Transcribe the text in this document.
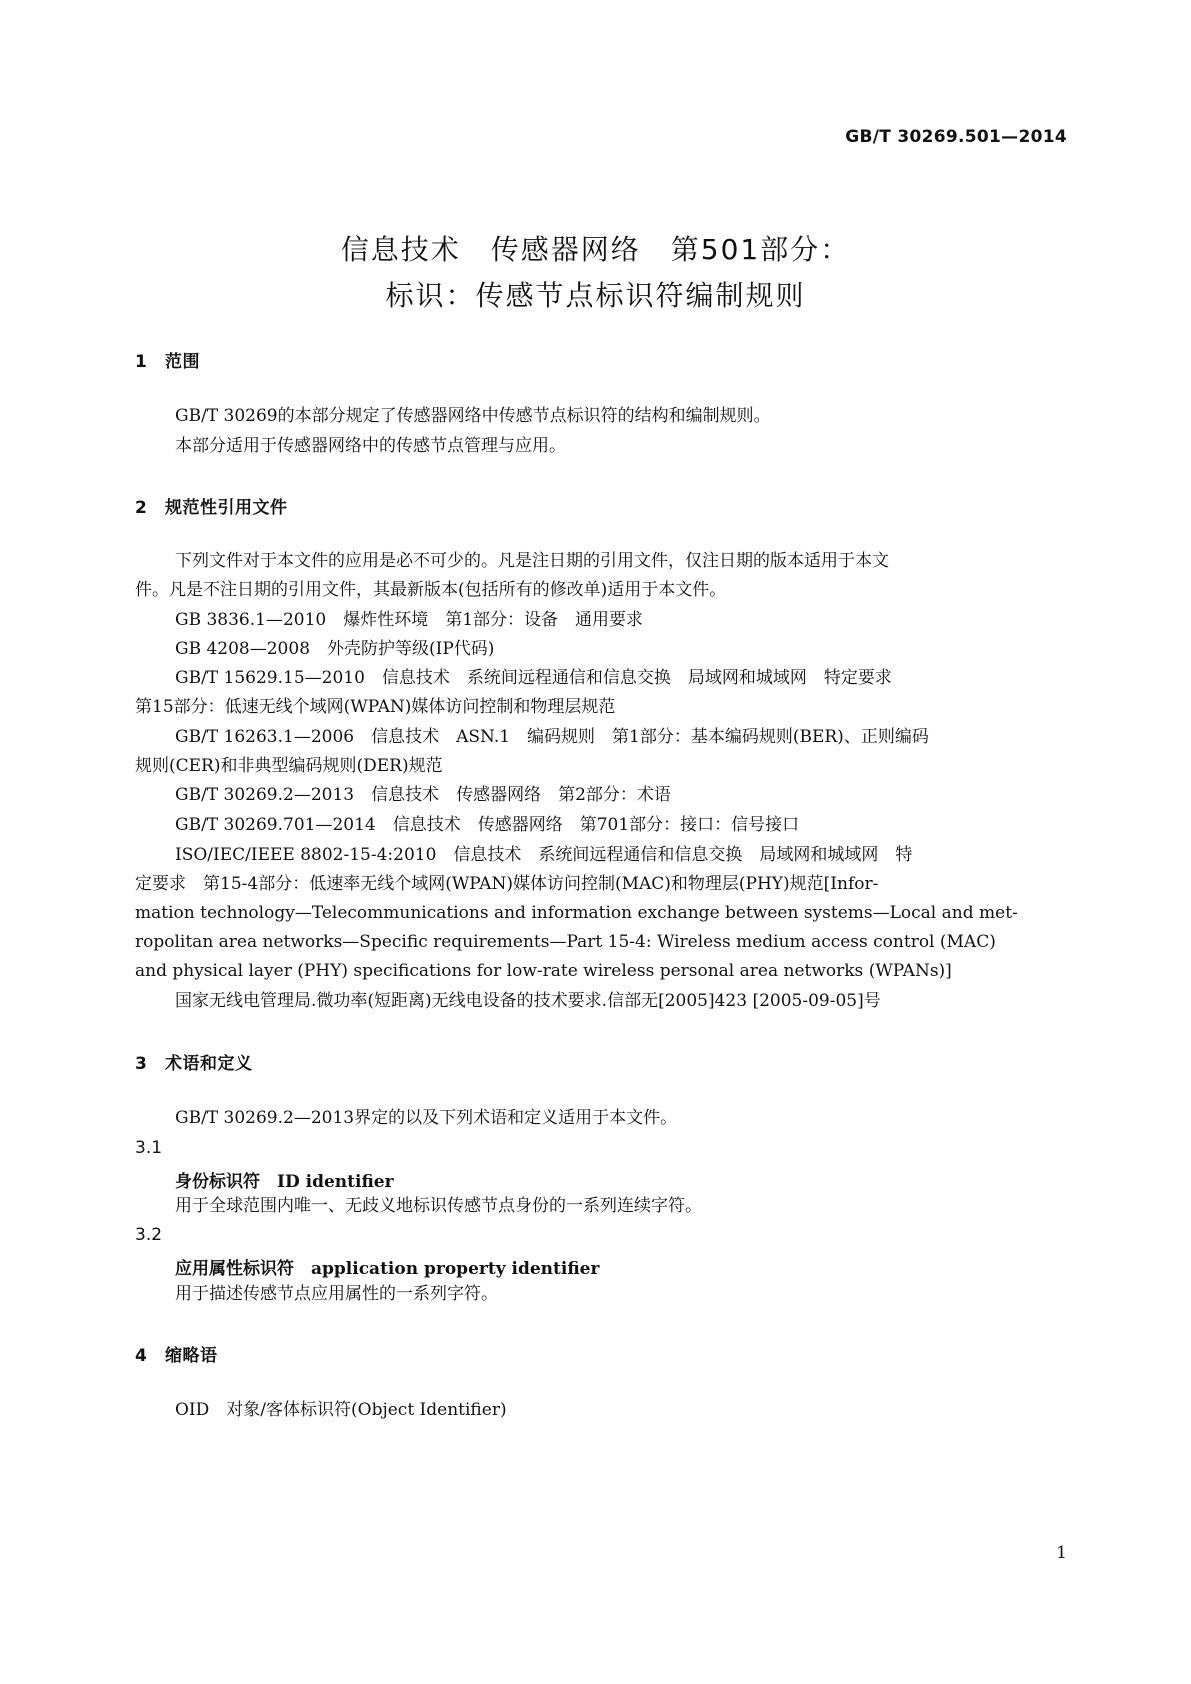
GB/T 30269.501—2014
信息技术　传感器网络　第501部分：
标识：传感节点标识符编制规则
1 范围
GB/T 30269的本部分规定了传感器网络中传感节点标识符的结构和编制规则。
本部分适用于传感器网络中的传感节点管理与应用。
2 规范性引用文件
下列文件对于本文件的应用是必不可少的。凡是注日期的引用文件，仅注日期的版本适用于本文
件。凡是不注日期的引用文件，其最新版本(包括所有的修改单)适用于本文件。
GB 3836.1—2010　爆炸性环境　第1部分：设备　通用要求
GB 4208—2008　外壳防护等级(IP代码)
GB/T 15629.15—2010　信息技术　系统间远程通信和信息交换　局域网和城域网　特定要求
第15部分：低速无线个域网(WPAN)媒体访问控制和物理层规范
GB/T 16263.1—2006　信息技术　ASN.1　编码规则　第1部分：基本编码规则(BER)、正则编码
规则(CER)和非典型编码规则(DER)规范
GB/T 30269.2—2013　信息技术　传感器网络　第2部分：术语
GB/T 30269.701—2014　信息技术　传感器网络　第701部分：接口：信号接口
ISO/IEC/IEEE 8802-15-4:2010　信息技术　系统间远程通信和信息交换　局域网和城域网　特
定要求　第15-4部分：低速率无线个域网(WPAN)媒体访问控制(MAC)和物理层(PHY)规范[Infor-
mation technology—Telecommunications and information exchange between systems—Local and met-
ropolitan area networks—Specific requirements—Part 15-4: Wireless medium access control (MAC)
and physical layer (PHY) specifications for low-rate wireless personal area networks (WPANs)]
国家无线电管理局.微功率(短距离)无线电设备的技术要求.信部无[2005]423 [2005-09-05]号
3 术语和定义
GB/T 30269.2—2013界定的以及下列术语和定义适用于本文件。
3.1
身份标识符　 ID identifier
用于全球范围内唯一、无歧义地标识传感节点身份的一系列连续字符。
3.2
应用属性标识符　 application property identifier
用于描述传感节点应用属性的一系列字符。
4 缩略语
OID　对象/客体标识符(Object Identifier)
1
